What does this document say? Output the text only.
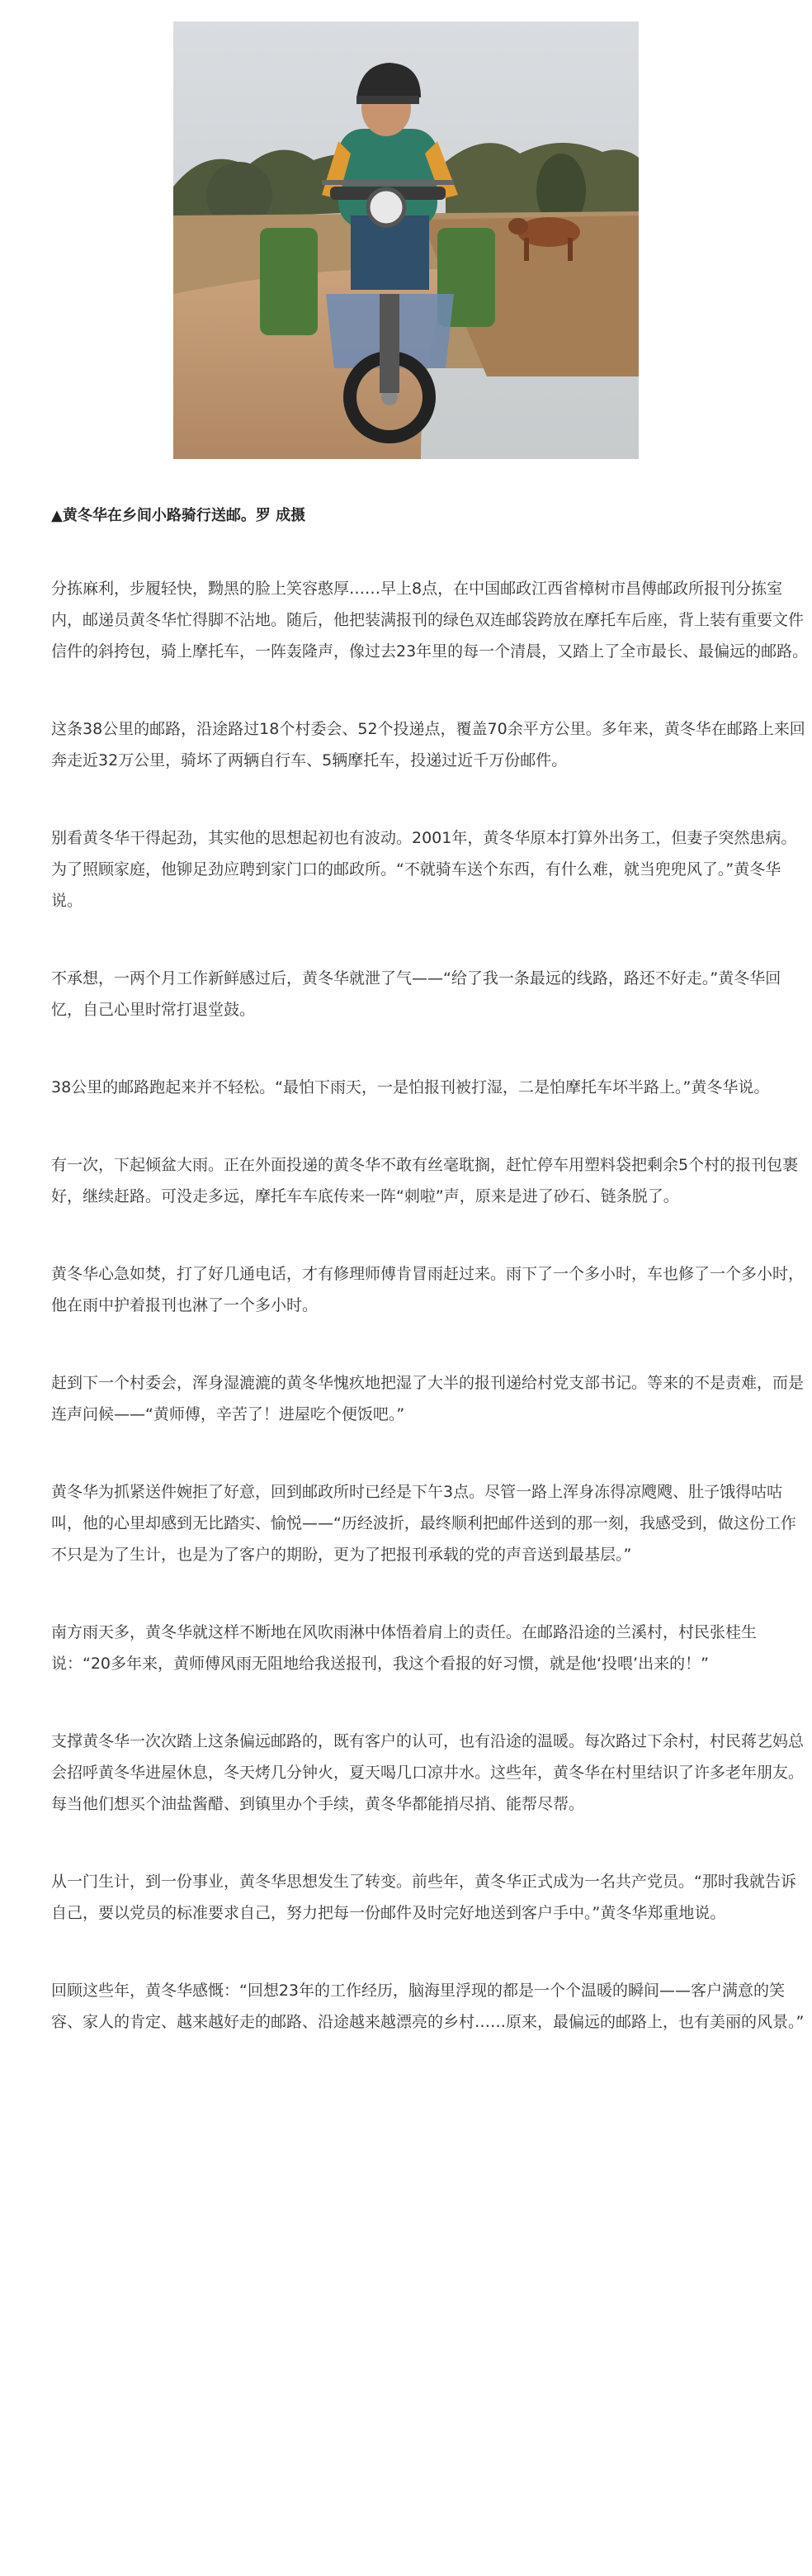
▲黄冬华在乡间小路骑行送邮。罗 成摄

分拣麻利，步履轻快，黝黑的脸上笑容憨厚……早上8点，在中国邮政江西省樟树市昌傅邮政所报刊分拣室内，邮递员黄冬华忙得脚不沾地。随后，他把装满报刊的绿色双连邮袋跨放在摩托车后座，背上装有重要文件信件的斜挎包，骑上摩托车，一阵轰隆声，像过去23年里的每一个清晨，又踏上了全市最长、最偏远的邮路。

这条38公里的邮路，沿途路过18个村委会、52个投递点，覆盖70余平方公里。多年来，黄冬华在邮路上来回奔走近32万公里，骑坏了两辆自行车、5辆摩托车，投递过近千万份邮件。

别看黄冬华干得起劲，其实他的思想起初也有波动。2001年，黄冬华原本打算外出务工，但妻子突然患病。为了照顾家庭，他铆足劲应聘到家门口的邮政所。“不就骑车送个东西，有什么难，就当兜兜风了。”黄冬华说。

不承想，一两个月工作新鲜感过后，黄冬华就泄了气——“给了我一条最远的线路，路还不好走。”黄冬华回忆，自己心里时常打退堂鼓。

38公里的邮路跑起来并不轻松。“最怕下雨天，一是怕报刊被打湿，二是怕摩托车坏半路上。”黄冬华说。

有一次，下起倾盆大雨。正在外面投递的黄冬华不敢有丝毫耽搁，赶忙停车用塑料袋把剩余5个村的报刊包裹好，继续赶路。可没走多远，摩托车车底传来一阵“刺啦”声，原来是进了砂石、链条脱了。

黄冬华心急如焚，打了好几通电话，才有修理师傅肯冒雨赶过来。雨下了一个多小时，车也修了一个多小时，他在雨中护着报刊也淋了一个多小时。

赶到下一个村委会，浑身湿漉漉的黄冬华愧疚地把湿了大半的报刊递给村党支部书记。等来的不是责难，而是连声问候——“黄师傅，辛苦了！进屋吃个便饭吧。”

黄冬华为抓紧送件婉拒了好意，回到邮政所时已经是下午3点。尽管一路上浑身冻得凉飕飕、肚子饿得咕咕叫，他的心里却感到无比踏实、愉悦——“历经波折，最终顺利把邮件送到的那一刻，我感受到，做这份工作不只是为了生计，也是为了客户的期盼，更为了把报刊承载的党的声音送到最基层。”

南方雨天多，黄冬华就这样不断地在风吹雨淋中体悟着肩上的责任。在邮路沿途的兰溪村，村民张桂生说：“20多年来，黄师傅风雨无阻地给我送报刊，我这个看报的好习惯，就是他‘投喂’出来的！”

支撑黄冬华一次次踏上这条偏远邮路的，既有客户的认可，也有沿途的温暖。每次路过下余村，村民蒋艺妈总会招呼黄冬华进屋休息，冬天烤几分钟火，夏天喝几口凉井水。这些年，黄冬华在村里结识了许多老年朋友。每当他们想买个油盐酱醋、到镇里办个手续，黄冬华都能捎尽捎、能帮尽帮。

从一门生计，到一份事业，黄冬华思想发生了转变。前些年，黄冬华正式成为一名共产党员。“那时我就告诉自己，要以党员的标准要求自己，努力把每一份邮件及时完好地送到客户手中。”黄冬华郑重地说。

回顾这些年，黄冬华感慨：“回想23年的工作经历，脑海里浮现的都是一个个温暖的瞬间——客户满意的笑容、家人的肯定、越来越好走的邮路、沿途越来越漂亮的乡村……原来，最偏远的邮路上，也有美丽的风景。”
